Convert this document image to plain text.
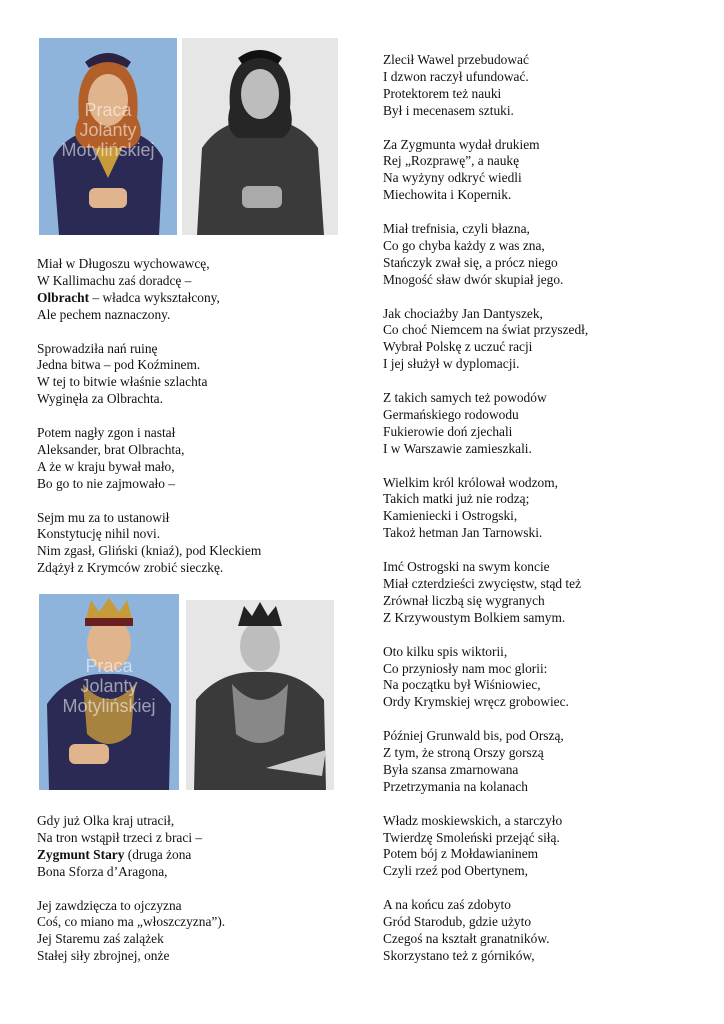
Praca
Jolanty
Motylińskiej
Praca
Jolanty
Motylińskiej
Miał w Długoszu wychowawcę,
W Kallimachu zaś doradcę –
Olbracht – władca wykształcony,
Ale pechem naznaczony.
Sprowadziła nań ruinę
Jedna bitwa – pod Koźminem.
W tej to bitwie właśnie szlachta
Wyginęła za Olbrachta.
Potem nagły zgon i nastał
Aleksander, brat Olbrachta,
A że w kraju bywał mało,
Bo go to nie zajmowało –
Sejm mu za to ustanowił
Konstytucję nihil novi.
Nim zgasł, Gliński (kniaź), pod Kleckiem
Zdążył z Krymców zrobić sieczkę.
Gdy już Olka kraj utracił,
Na tron wstąpił trzeci z braci –
Zygmunt Stary (druga żona
Bona Sforza d’Aragona,
Jej zawdzięcza to ojczyzna
Coś, co miano ma „włoszczyzna”).
Jej Staremu zaś zalążek
Stałej siły zbrojnej, onże
Zlecił Wawel przebudować
I dzwon raczył ufundować.
Protektorem też nauki
Był i mecenasem sztuki.
Za Zygmunta wydał drukiem
Rej „Rozprawę”, a naukę
Na wyżyny odkryć wiedli
Miechowita i Kopernik.
Miał trefnisia, czyli błazna,
Co go chyba każdy z was zna,
Stańczyk zwał się, a prócz niego
Mnogość sław dwór skupiał jego.
Jak chociażby Jan Dantyszek,
Co choć Niemcem na świat przyszedł,
Wybrał Polskę z uczuć racji
I jej służył w dyplomacji.
Z takich samych też powodów
Germańskiego rodowodu
Fukierowie doń zjechali
I w Warszawie zamieszkali.
Wielkim król królował wodzom,
Takich matki już nie rodzą;
Kamieniecki i Ostrogski,
Takoż hetman Jan Tarnowski.
Imć Ostrogski na swym koncie
Miał czterdzieści zwycięstw, stąd też
Zrównał liczbą się wygranych
Z Krzywoustym Bolkiem samym.
Oto kilku spis wiktorii,
Co przyniosły nam moc glorii:
Na początku był Wiśniowiec,
Ordy Krymskiej wręcz grobowiec.
Później Grunwald bis, pod Orszą,
Z tym, że stroną Orszy gorszą
Była szansa zmarnowana
Przetrzymania na kolanach
Władz moskiewskich, a starczyło
Twierdzę Smoleński przejąć siłą.
Potem bój z Mołdawianinem
Czyli rzeź pod Obertynem,
A na końcu zaś zdobyto
Gród Starodub, gdzie użyto
Czegoś na kształt granatników.
Skorzystano też z górników,
